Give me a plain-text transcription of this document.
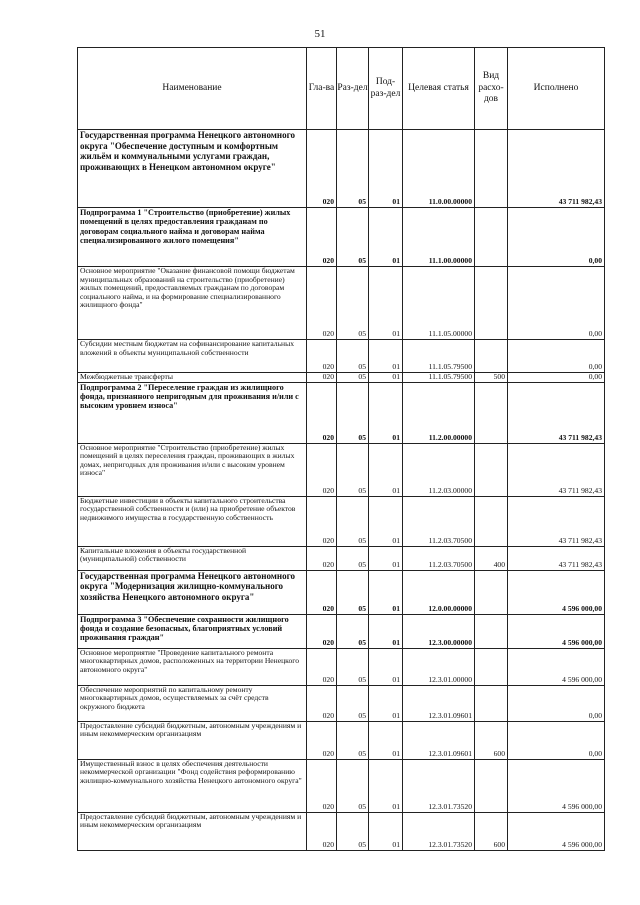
51
Наименование	Гла-ва	Раз-дел	Под-раз-дел	Целевая статья	Вид расхо-дов	Исполнено
Государственная программа Ненецкого автономного округа "Обеспечение доступным и комфортным жильём и коммунальными услугами граждан, проживающих в Ненецком автономном округе"	020	05	01	11.0.00.00000		43 711 982,43
Подпрограмма 1 "Строительство (приобретение) жилых помещений в целях предоставления гражданам по договорам социального найма и договорам найма специализированного жилого помещения"	020	05	01	11.1.00.00000		0,00
Основное мероприятие "Оказание финансовой помощи бюджетам муниципальных образований на строительство (приобретение) жилых помещений, предоставляемых гражданам по договорам социального найма, и на формирование специализированного жилищного фонда"	020	05	01	11.1.05.00000		0,00
Субсидии местным бюджетам на софинансирование капитальных вложений в объекты муниципальной собственности	020	05	01	11.1.05.79500		0,00
Межбюджетные трансферты	020	05	01	11.1.05.79500	500	0,00
Подпрограмма 2 "Переселение граждан из жилищного фонда, признанного непригодным для проживания и/или с высоким уровнем износа"	020	05	01	11.2.00.00000		43 711 982,43
Основное мероприятие "Строительство (приобретение) жилых помещений в целях переселения граждан, проживающих в жилых домах, непригодных для проживания и/или с высоким уровнем износа"	020	05	01	11.2.03.00000		43 711 982,43
Бюджетные инвестиции в объекты капитального строительства государственной собственности и (или) на приобретение объектов недвижимого имущества в государственную собственность	020	05	01	11.2.03.70500		43 711 982,43
Капитальные вложения в объекты государственной (муниципальной) собственности	020	05	01	11.2.03.70500	400	43 711 982,43
Государственная программа Ненецкого автономного округа "Модернизация жилищно-коммунального хозяйства Ненецкого автономного округа"	020	05	01	12.0.00.00000		4 596 000,00
Подпрограмма 3 "Обеспечение сохранности жилищного фонда и создание безопасных, благоприятных условий проживания граждан"	020	05	01	12.3.00.00000		4 596 000,00
Основное мероприятие "Проведение капитального ремонта многоквартирных домов, расположенных на территории Ненецкого автономного округа"	020	05	01	12.3.01.00000		4 596 000,00
Обеспечение мероприятий по капитальному ремонту многоквартирных домов, осуществляемых за счёт средств окружного бюджета	020	05	01	12.3.01.09601		0,00
Предоставление субсидий бюджетным, автономным учреждениям и иным некоммерческим организациям	020	05	01	12.3.01.09601	600	0,00
Имущественный взнос в целях обеспечения деятельности некоммерческой организации "Фонд содействия реформированию жилищно-коммунального хозяйства Ненецкого автономного округа"	020	05	01	12.3.01.73520		4 596 000,00
Предоставление субсидий бюджетным, автономным учреждениям и иным некоммерческим организациям	020	05	01	12.3.01.73520	600	4 596 000,00
